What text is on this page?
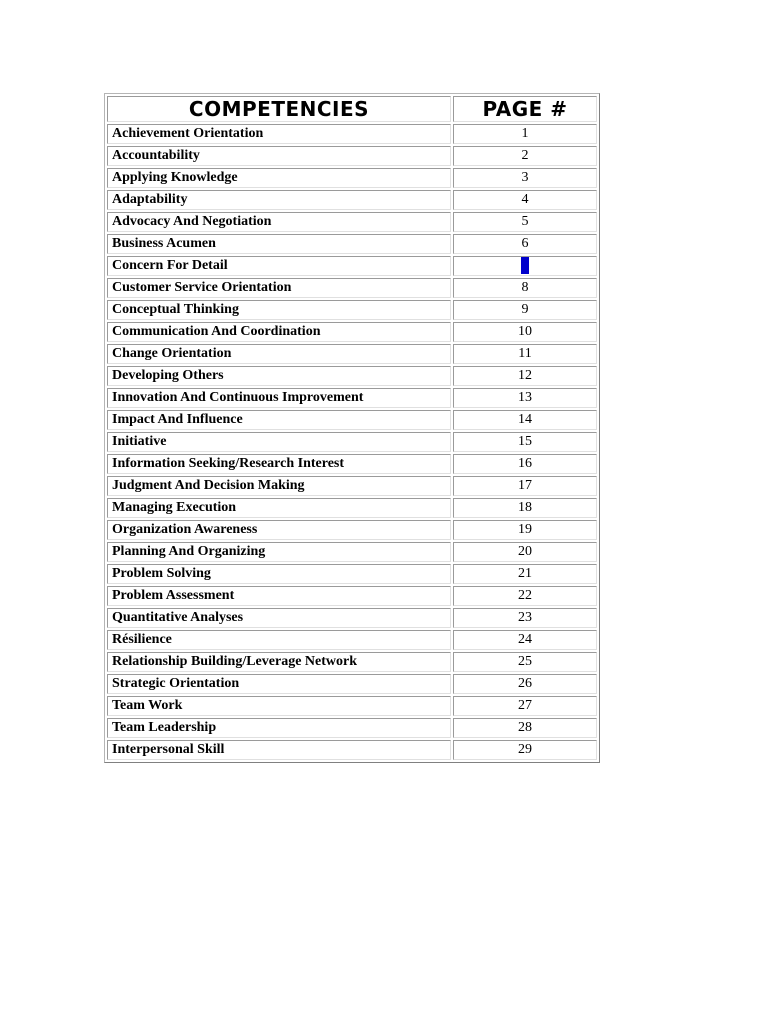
COMPETENCIES	PAGE #
Achievement Orientation	1
Accountability	2
Applying Knowledge	3
Adaptability	4
Advocacy And Negotiation	5
Business Acumen	6
Concern For Detail	
Customer Service Orientation	8
Conceptual Thinking	9
Communication And Coordination	10
Change Orientation	11
Developing Others	12
Innovation And Continuous Improvement	13
Impact And Influence	14
Initiative	15
Information Seeking/Research Interest	16
Judgment And Decision Making	17
Managing Execution	18
Organization Awareness	19
Planning And Organizing	20
Problem Solving	21
Problem Assessment	22
Quantitative Analyses	23
Résilience	24
Relationship Building/Leverage Network	25
Strategic Orientation	26
Team Work	27
Team Leadership	28
Interpersonal Skill	29
